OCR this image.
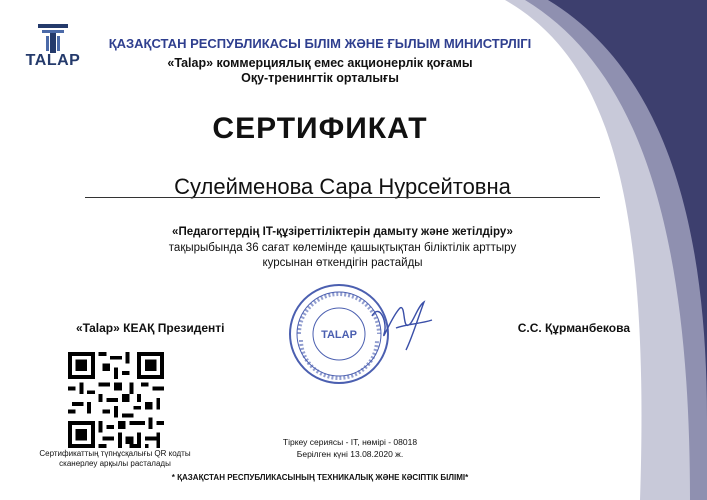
TALAP
ҚАЗАҚСТАН РЕСПУБЛИКАСЫ БІЛІМ ЖӘНЕ ҒЫЛЫМ МИНИСТРЛІГІ
«Talap» коммерциялық емес акционерлік қоғамы
Оқу-тренингтік орталығы
СЕРТИФИКАТ
Сулейменова Сара Нурсейтовна
«Педагогтердің IT-құзіреттіліктерін дамыту және жетілдіру»
тақырыбында 36 сағат көлемінде қашықтықтан біліктілік арттыру
курсынан өткендігін растайды
«Talap» КЕАҚ Президенті	С.С. Құрманбекова
TALAP
Сертификаттың түпнұсқалығы QR кодты
сканерлеу арқылы расталады
Тіркеу сериясы - IT, нөмірі - 08018
Берілген күні 13.08.2020 ж.
* ҚАЗАҚСТАН РЕСПУБЛИКАСЫНЫҢ ТЕХНИКАЛЫҚ ЖӘНЕ КӘСІПТІК БІЛІМІ*
